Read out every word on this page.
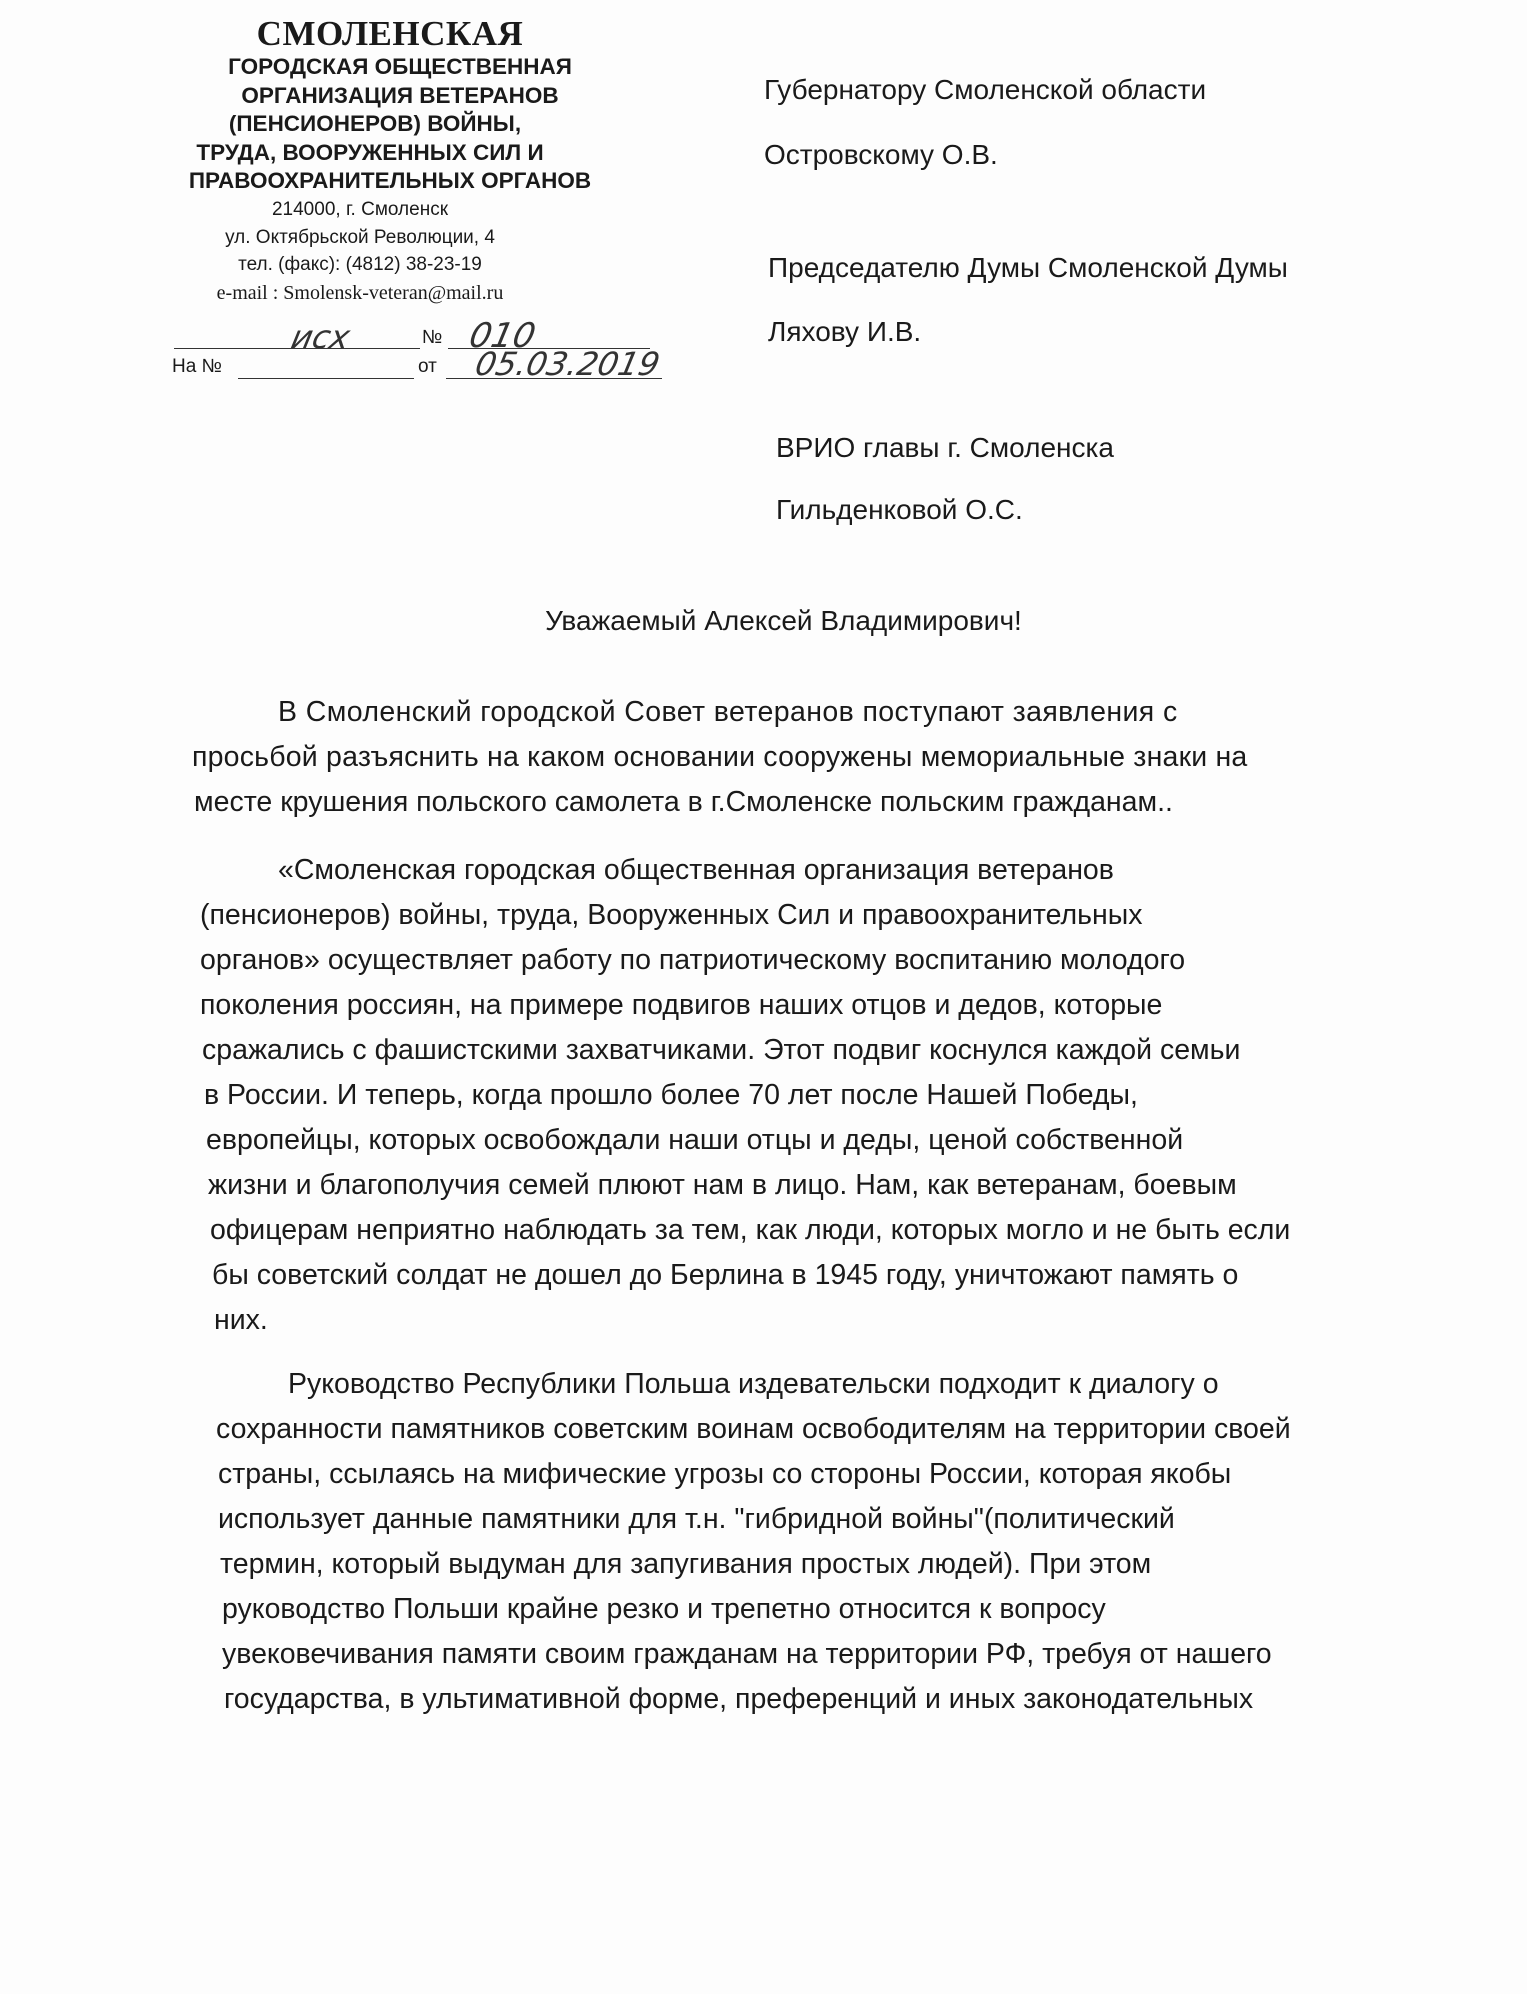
СМОЛЕНСКАЯ
ГОРОДСКАЯ ОБЩЕСТВЕННАЯ
ОРГАНИЗАЦИЯ ВЕТЕРАНОВ
(ПЕНСИОНЕРОВ) ВОЙНЫ,
ТРУДА, ВООРУЖЕННЫХ СИЛ И
ПРАВООХРАНИТЕЛЬНЫХ ОРГАНОВ
214000, г. Смоленск
ул. Октябрьской Революции, 4
тел. (факс): (4812) 38-23-19
e-mail : Smolensk-veteran@mail.ru
исх	№ 010
На №	от 05.03.2019
Губернатору Смоленской области
Островскому О.В.
Председателю Думы Смоленской Думы
Ляхову И.В.
ВРИО главы г. Смоленска
Гильденковой О.С.
Уважаемый Алексей Владимирович!
В Смоленский городской Совет ветеранов поступают заявления с
просьбой разъяснить на каком основании сооружены мемориальные знаки на
месте крушения польского самолета в г.Смоленске польским гражданам..
«Смоленская городская общественная организация ветеранов
(пенсионеров) войны, труда, Вооруженных Сил и правоохранительных
органов» осуществляет работу по патриотическому воспитанию молодого
поколения россиян, на примере подвигов наших отцов и дедов, которые
сражались с фашистскими захватчиками. Этот подвиг коснулся каждой семьи
в России. И теперь, когда прошло более 70 лет после Нашей Победы,
европейцы, которых освобождали наши отцы и деды, ценой собственной
жизни и благополучия семей плюют нам в лицо. Нам, как ветеранам, боевым
офицерам неприятно наблюдать за тем, как люди, которых могло и не быть если
бы советский солдат не дошел до Берлина в 1945 году, уничтожают память о
них.
Руководство Республики Польша издевательски подходит к диалогу о
сохранности памятников советским воинам освободителям на территории своей
страны, ссылаясь на мифические угрозы со стороны России, которая якобы
использует данные памятники для т.н. "гибридной войны"(политический
термин, который выдуман для запугивания простых людей). При этом
руководство Польши крайне резко и трепетно относится к вопросу
увековечивания памяти своим гражданам на территории РФ, требуя от нашего
государства, в ультимативной форме, преференций и иных законодательных
